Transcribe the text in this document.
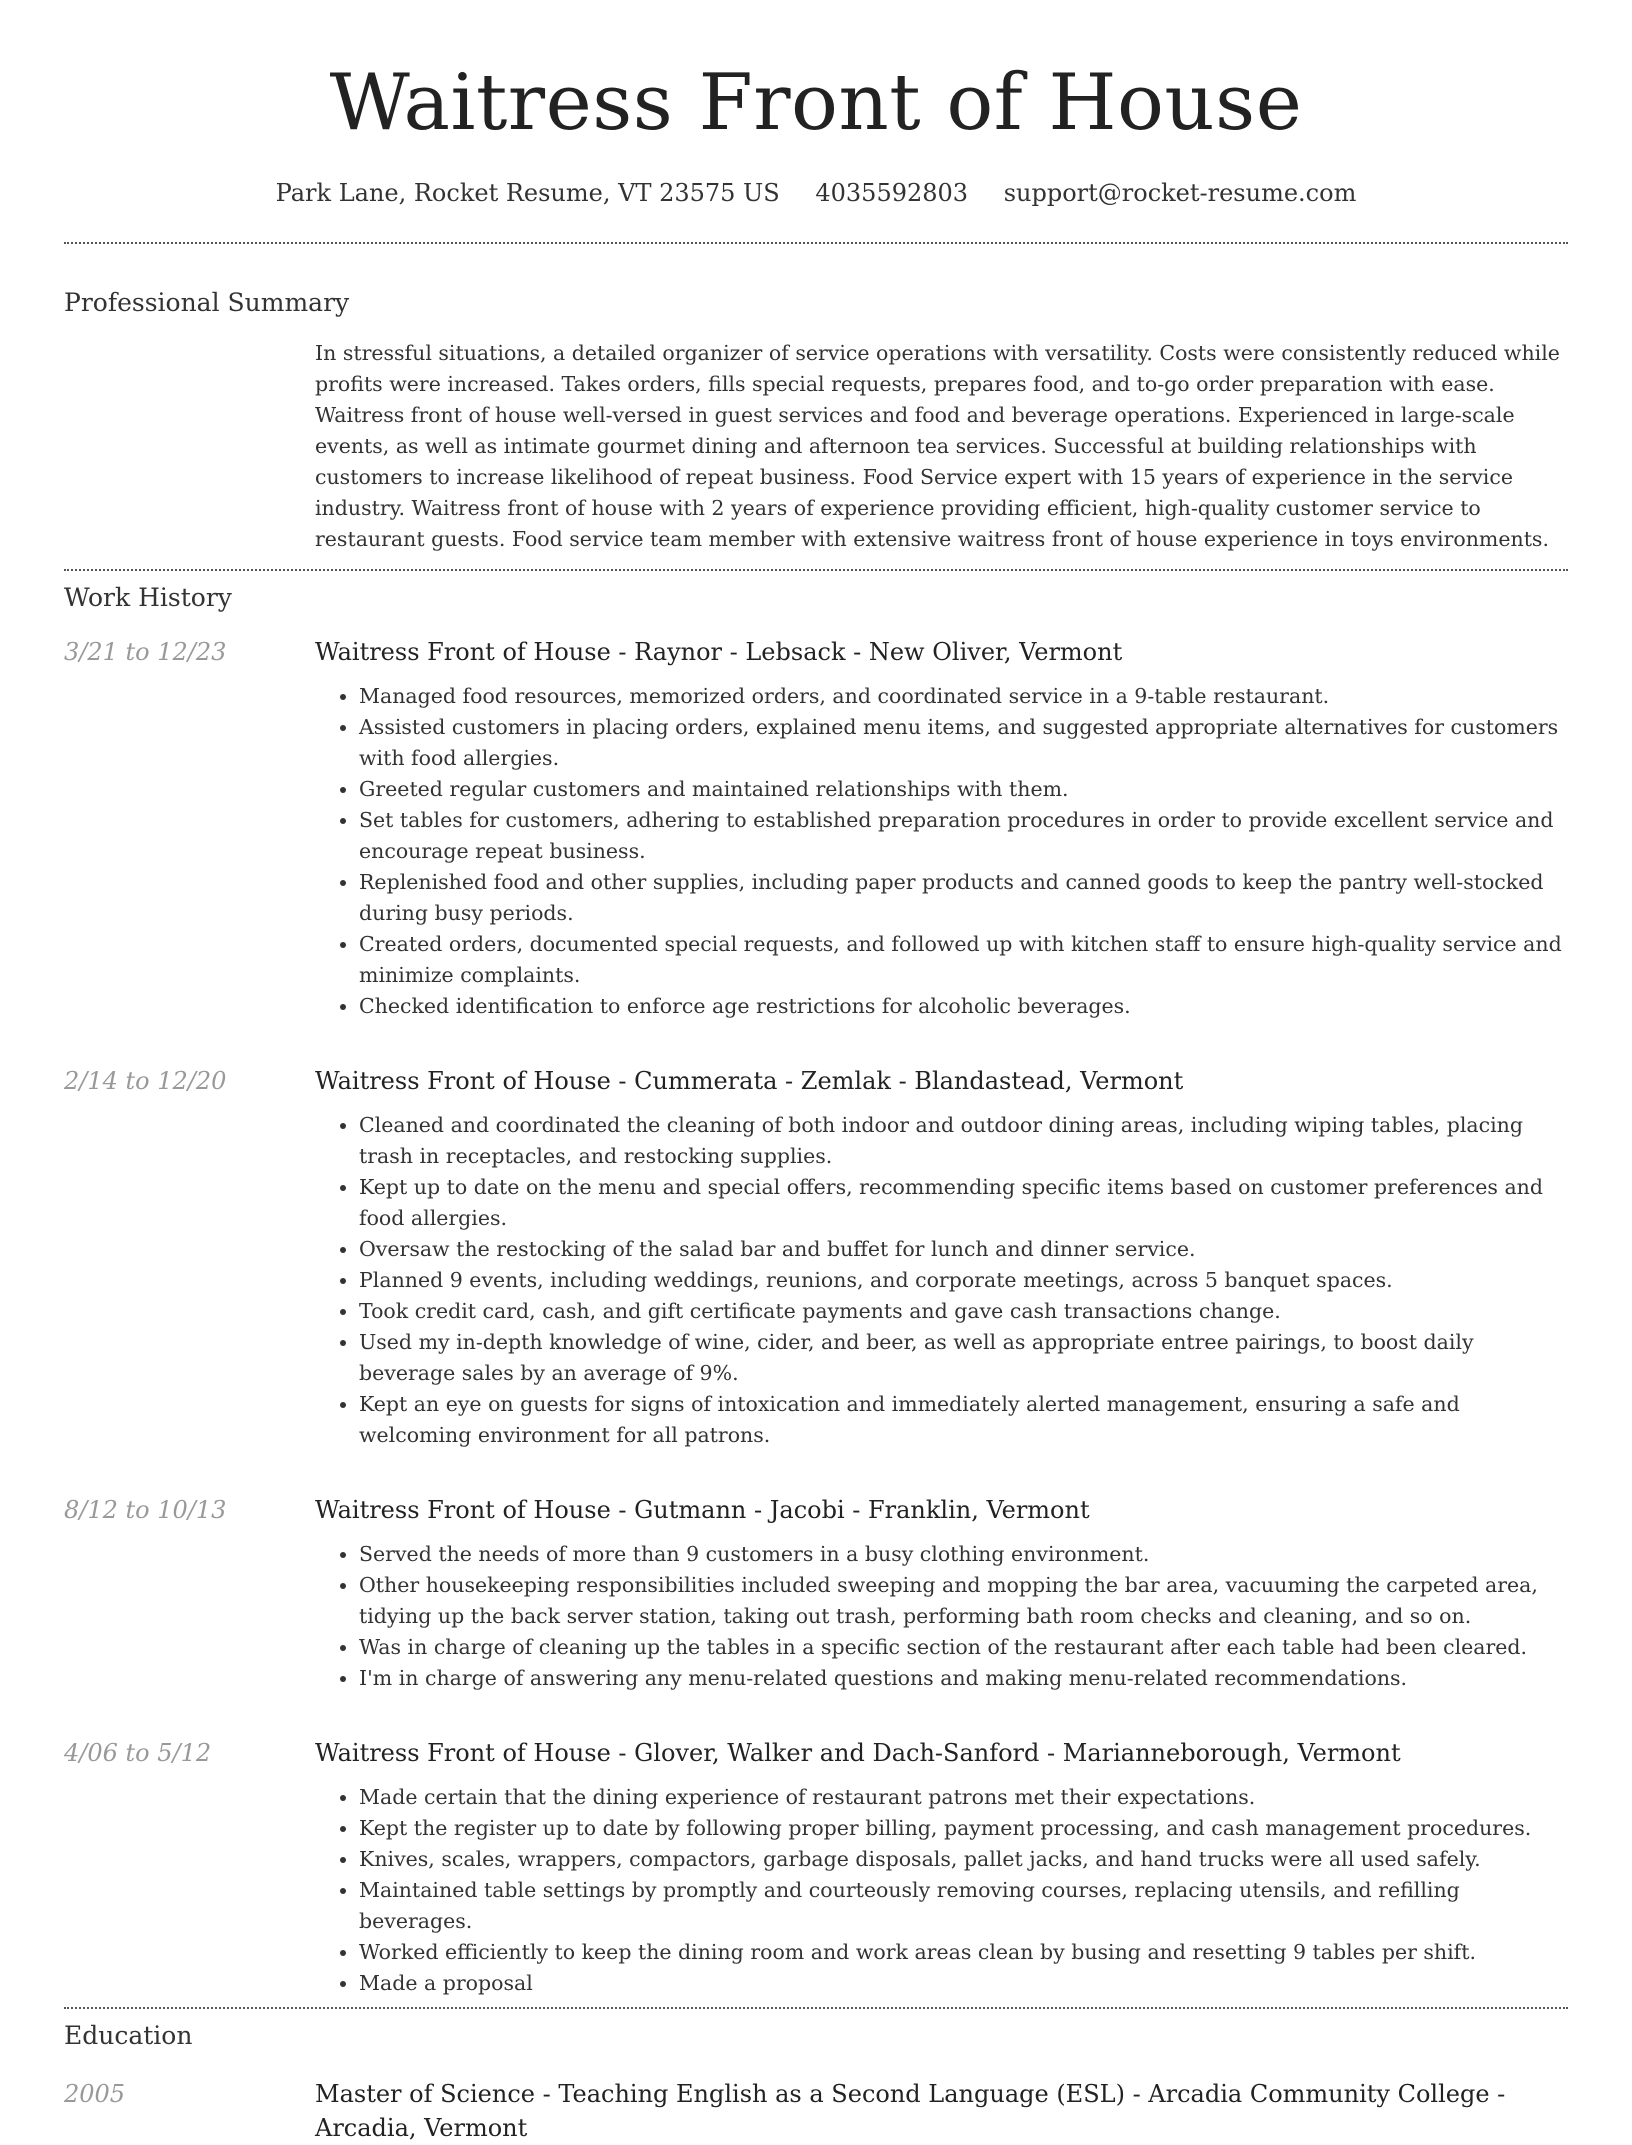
Waitress Front of House
Park Lane, Rocket Resume, VT 23575 US 4035592803 support@rocket-resume.com
Professional Summary
In stressful situations, a detailed organizer of service operations with versatility. Costs were consistently reduced while profits were increased. Takes orders, fills special requests, prepares food, and to-go order preparation with ease. Waitress front of house well-versed in guest services and food and beverage operations. Experienced in large-scale events, as well as intimate gourmet dining and afternoon tea services. Successful at building relationships with customers to increase likelihood of repeat business. Food Service expert with 15 years of experience in the service industry. Waitress front of house with 2 years of experience providing efficient, high-quality customer service to restaurant guests. Food service team member with extensive waitress front of house experience in toys environments.
Work History
3/21 to 12/23	Waitress Front of House - Raynor - Lebsack - New Oliver, Vermont
• Managed food resources, memorized orders, and coordinated service in a 9-table restaurant.
• Assisted customers in placing orders, explained menu items, and suggested appropriate alternatives for customers with food allergies.
• Greeted regular customers and maintained relationships with them.
• Set tables for customers, adhering to established preparation procedures in order to provide excellent service and encourage repeat business.
• Replenished food and other supplies, including paper products and canned goods to keep the pantry well-stocked during busy periods.
• Created orders, documented special requests, and followed up with kitchen staff to ensure high-quality service and minimize complaints.
• Checked identification to enforce age restrictions for alcoholic beverages.
2/14 to 12/20	Waitress Front of House - Cummerata - Zemlak - Blandastead, Vermont
• Cleaned and coordinated the cleaning of both indoor and outdoor dining areas, including wiping tables, placing trash in receptacles, and restocking supplies.
• Kept up to date on the menu and special offers, recommending specific items based on customer preferences and food allergies.
• Oversaw the restocking of the salad bar and buffet for lunch and dinner service.
• Planned 9 events, including weddings, reunions, and corporate meetings, across 5 banquet spaces.
• Took credit card, cash, and gift certificate payments and gave cash transactions change.
• Used my in-depth knowledge of wine, cider, and beer, as well as appropriate entree pairings, to boost daily beverage sales by an average of 9%.
• Kept an eye on guests for signs of intoxication and immediately alerted management, ensuring a safe and welcoming environment for all patrons.
8/12 to 10/13	Waitress Front of House - Gutmann - Jacobi - Franklin, Vermont
• Served the needs of more than 9 customers in a busy clothing environment.
• Other housekeeping responsibilities included sweeping and mopping the bar area, vacuuming the carpeted area, tidying up the back server station, taking out trash, performing bath room checks and cleaning, and so on.
• Was in charge of cleaning up the tables in a specific section of the restaurant after each table had been cleared.
• I'm in charge of answering any menu-related questions and making menu-related recommendations.
4/06 to 5/12	Waitress Front of House - Glover, Walker and Dach-Sanford - Marianneborough, Vermont
• Made certain that the dining experience of restaurant patrons met their expectations.
• Kept the register up to date by following proper billing, payment processing, and cash management procedures.
• Knives, scales, wrappers, compactors, garbage disposals, pallet jacks, and hand trucks were all used safely.
• Maintained table settings by promptly and courteously removing courses, replacing utensils, and refilling beverages.
• Worked efficiently to keep the dining room and work areas clean by busing and resetting 9 tables per shift.
• Made a proposal
Education
2005	Master of Science - Teaching English as a Second Language (ESL) - Arcadia Community College - Arcadia, Vermont
